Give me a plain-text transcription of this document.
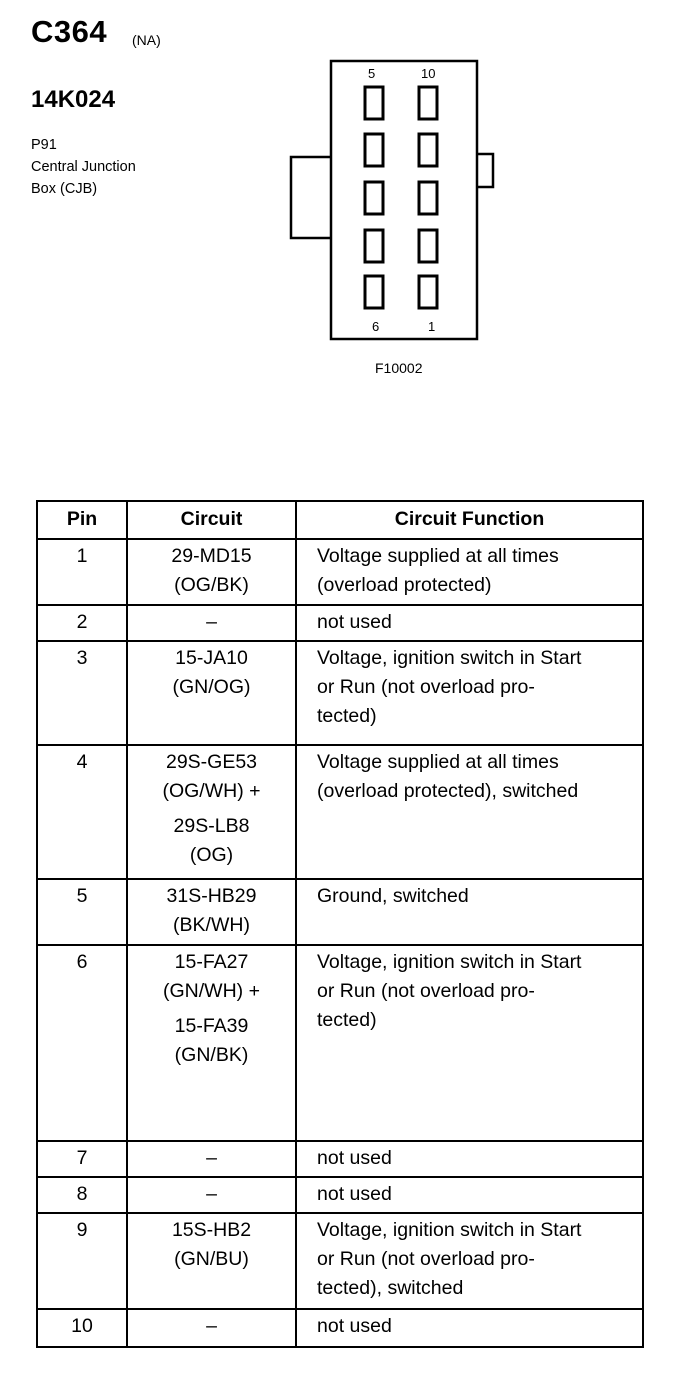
C364 (NA)
14K024
P91
Central Junction
Box (CJB)
5	10
6	1
F10002
Pin	Circuit	Circuit Function
1	29-MD15
(OG/BK)	Voltage supplied at all times
(overload protected)

2	–	not used

3	15-JA10
(GN/OG)	Voltage, ignition switch in Start
or Run (not overload pro-
tected)

4	29S-GE53
(OG/WH) +
29S-LB8
(OG)	Voltage supplied at all times
(overload protected), switched

5	31S-HB29
(BK/WH)	Ground, switched

6	15-FA27
(GN/WH) +
15-FA39
(GN/BK)	Voltage, ignition switch in Start
or Run (not overload pro-
tected)

7	–	not used

8	–	not used

9	15S-HB2
(GN/BU)	Voltage, ignition switch in Start
or Run (not overload pro-
tected), switched

10	–	not used
